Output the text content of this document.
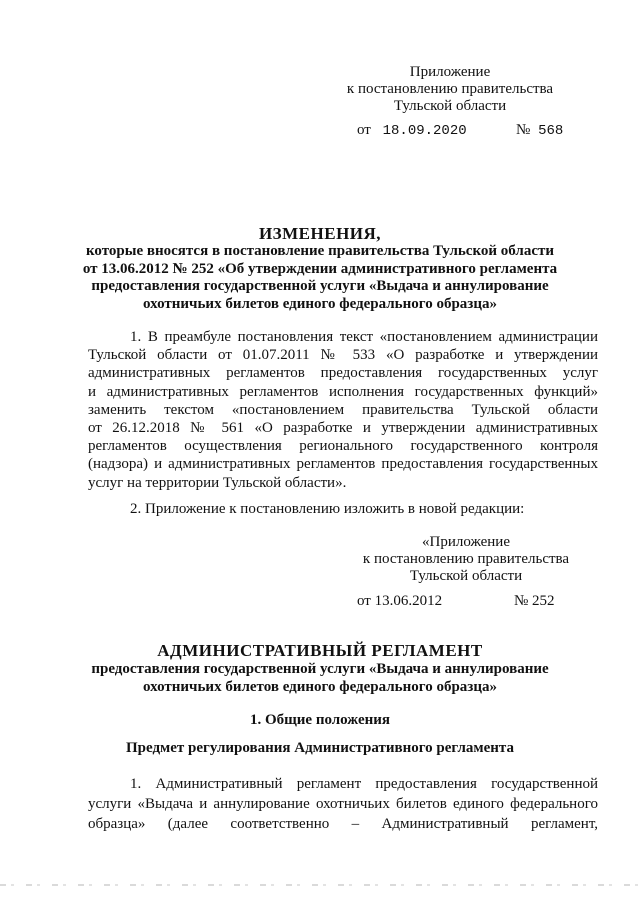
Приложение
к постановлению правительства
Тульской области
от 18.09.2020	№ 568
ИЗМЕНЕНИЯ,
которые вносятся в постановление правительства Тульской области
от 13.06.2012 № 252 «Об утверждении административного регламента
предоставления государственной услуги «Выдача и аннулирование
охотничьих билетов единого федерального образца»
1. В преамбуле постановления текст «постановлением администрации
Тульской области от 01.07.2011 № 533 «О разработке и утверждении
административных регламентов предоставления государственных услуг
и административных регламентов исполнения государственных функций»
заменить текстом «постановлением правительства Тульской области
от 26.12.2018 № 561 «О разработке и утверждении административных
регламентов осуществления регионального государственного контроля
(надзора) и административных регламентов предоставления государственных
услуг на территории Тульской области».
2. Приложение к постановлению изложить в новой редакции:
«Приложение
к постановлению правительства
Тульской области
от 13.06.2012	№ 252
АДМИНИСТРАТИВНЫЙ РЕГЛАМЕНТ
предоставления государственной услуги «Выдача и аннулирование
охотничьих билетов единого федерального образца»
1. Общие положения
Предмет регулирования Административного регламента
1. Административный регламент предоставления государственной
услуги «Выдача и аннулирование охотничьих билетов единого федерального
образца» (далее соответственно – Административный регламент,
